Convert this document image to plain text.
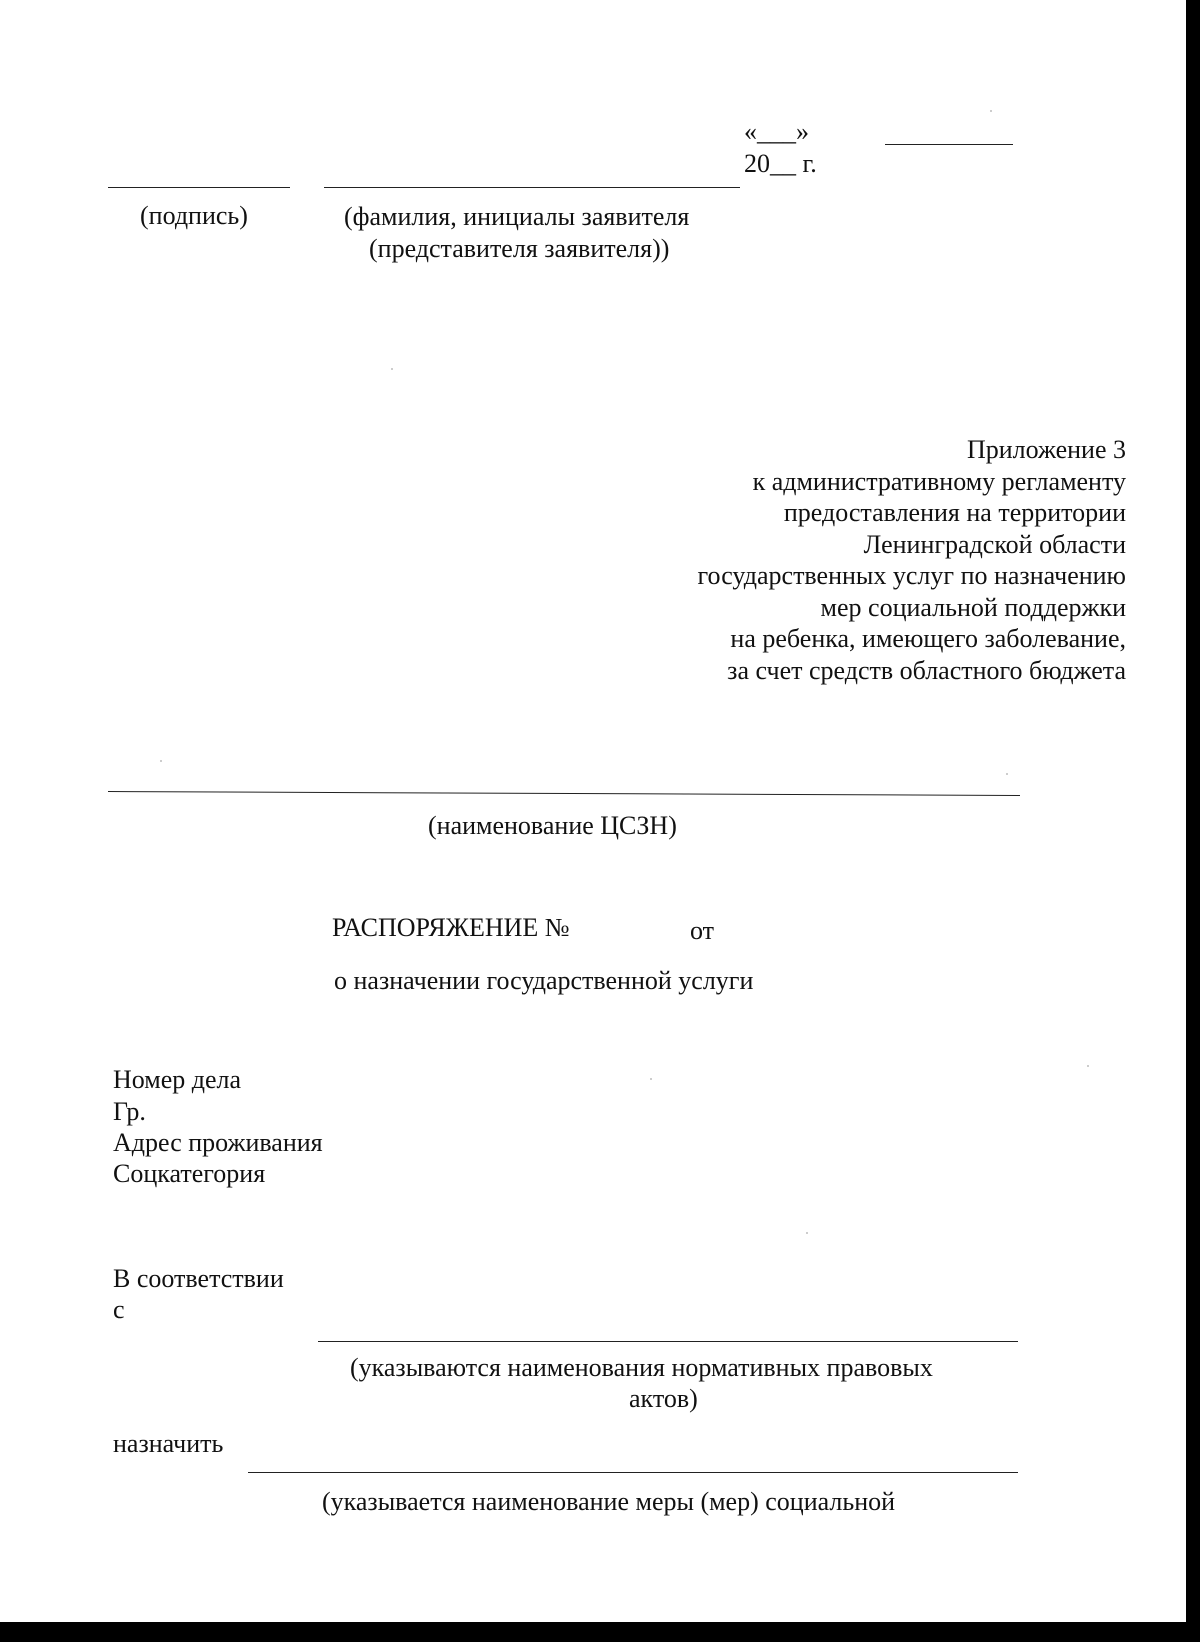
«___»
20__ г.
(подпись)	(фамилия, инициалы заявителя
(представителя заявителя))
Приложение 3
к административному регламенту
предоставления на территории
Ленинградской области
государственных услуг по назначению
мер социальной поддержки
на ребенка, имеющего заболевание,
за счет средств областного бюджета
(наименование ЦСЗН)
РАСПОРЯЖЕНИЕ №	от
о назначении государственной услуги
Номер дела
Гр.
Адрес проживания
Соцкатегория
В соответствии
с
(указываются наименования нормативных правовых
актов)
назначить
(указывается наименование меры (мер) социальной
